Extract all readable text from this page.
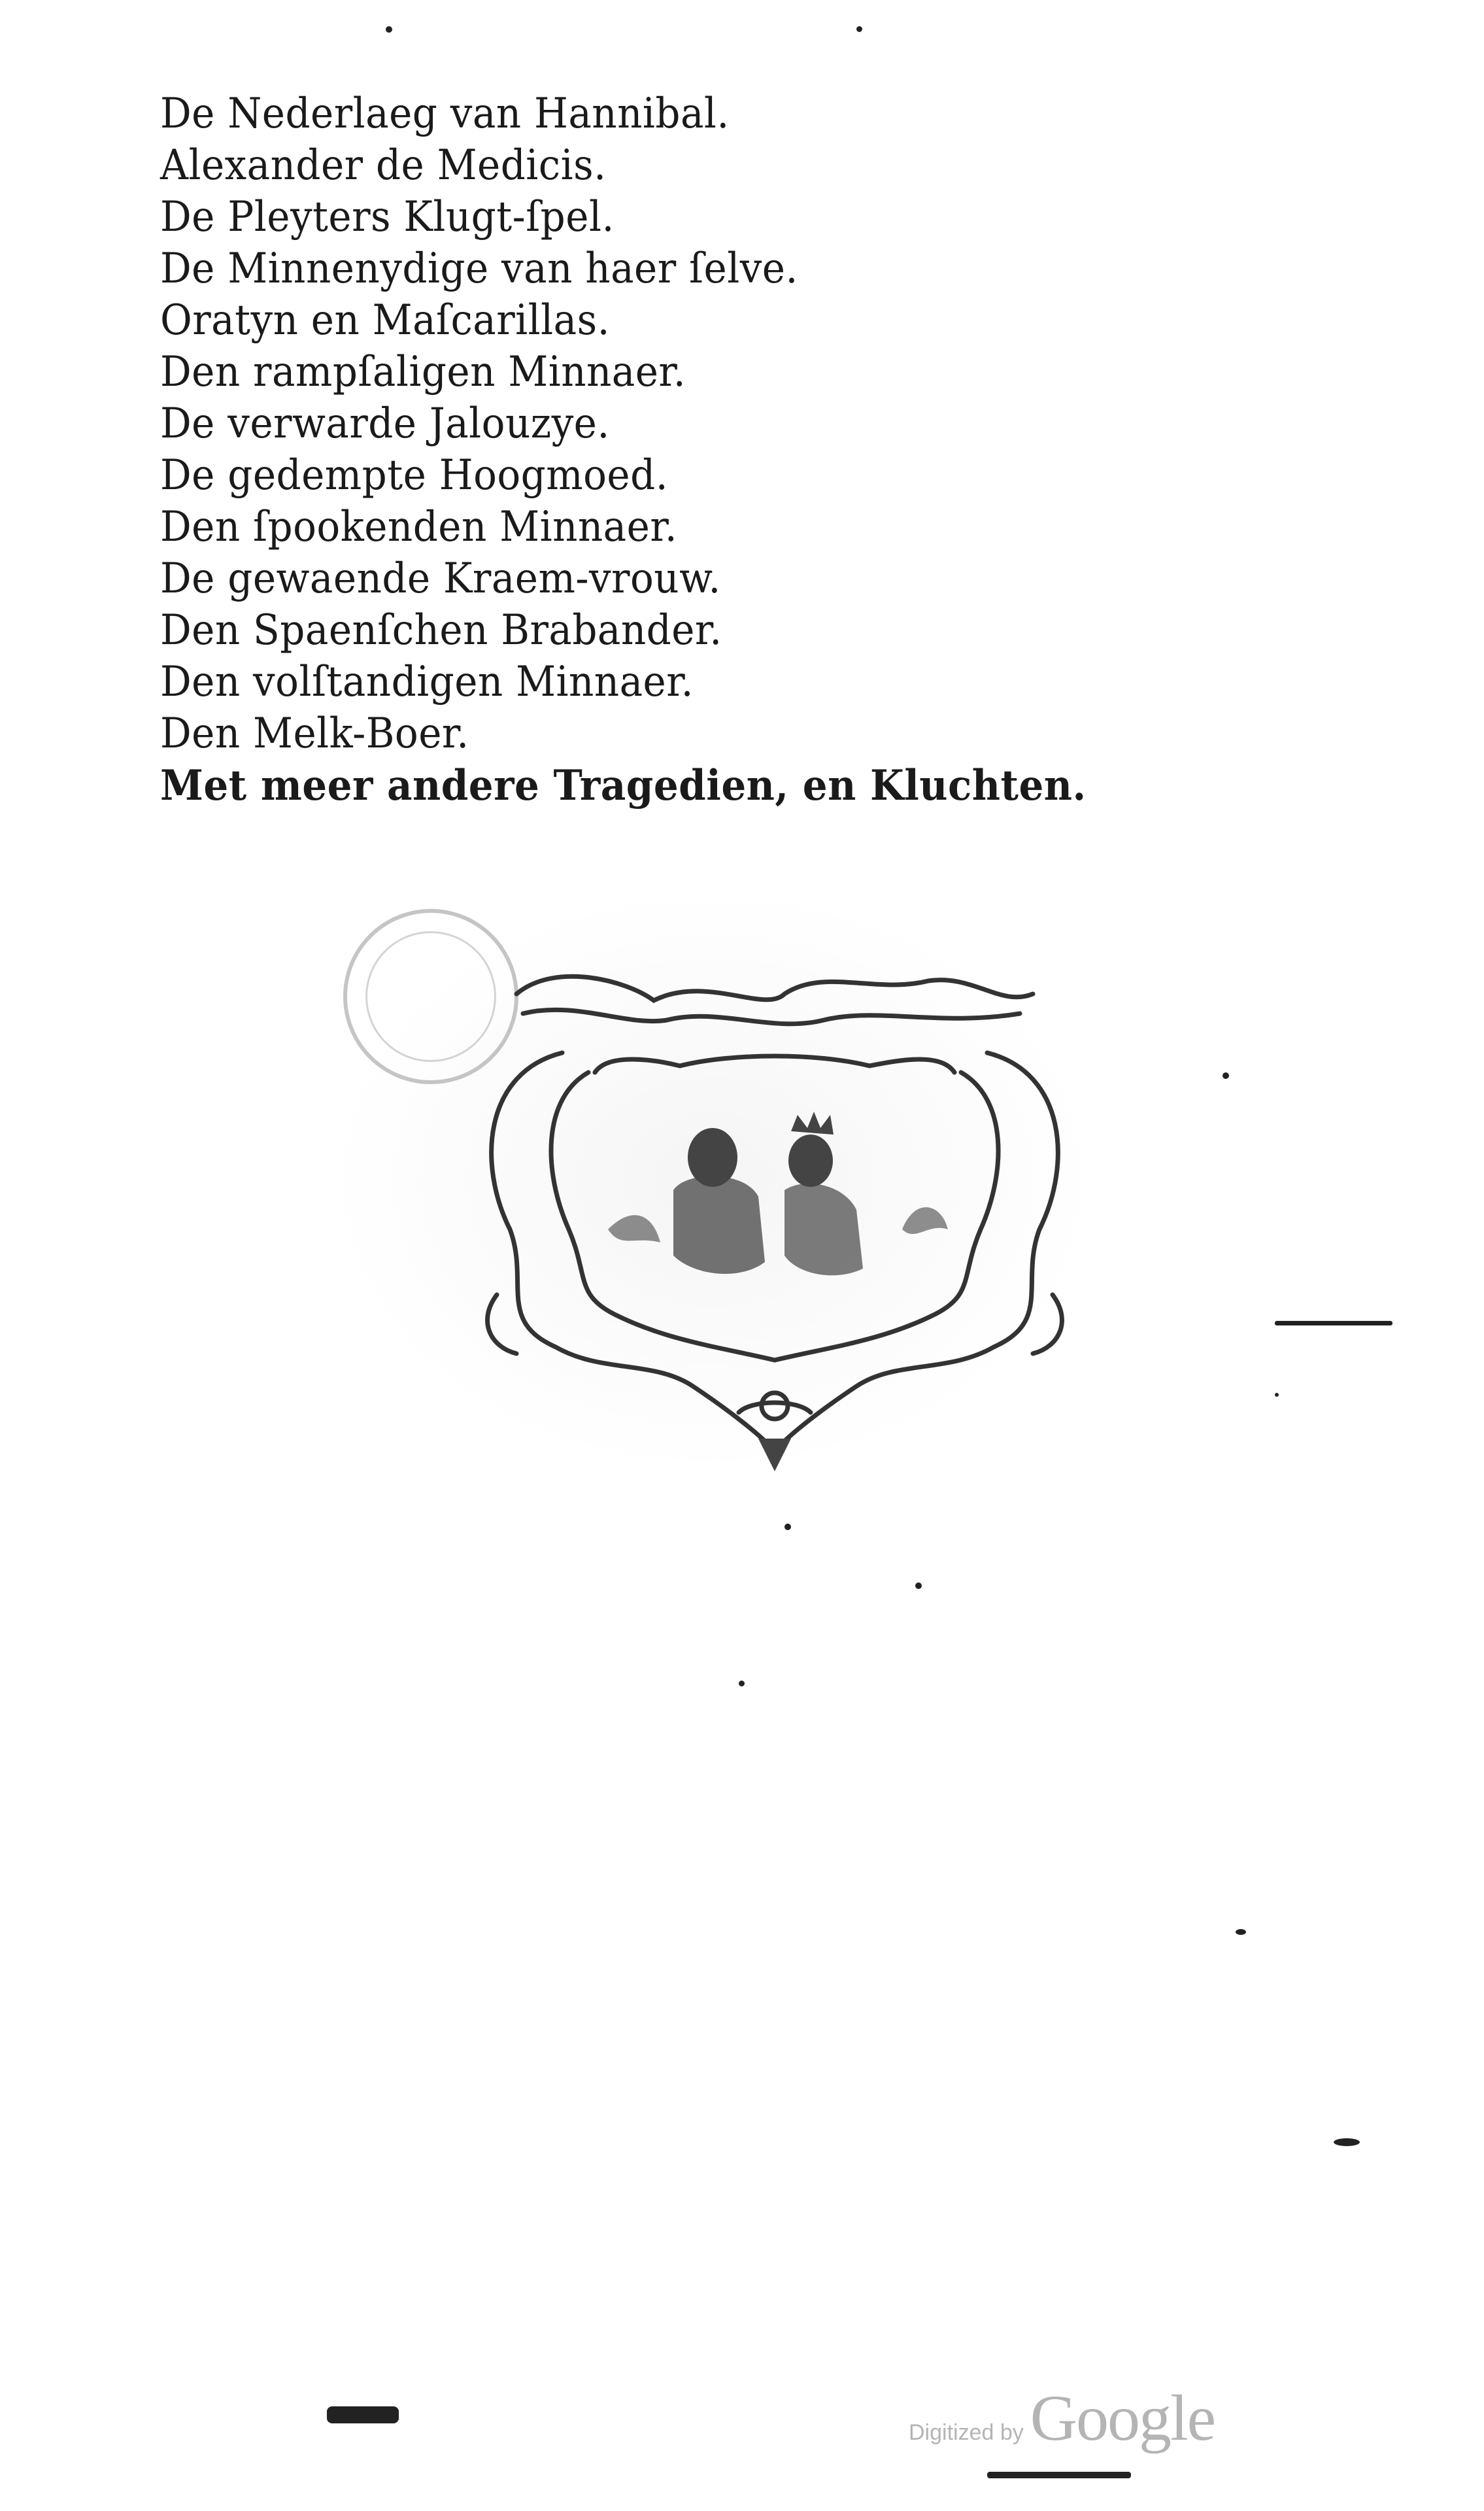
De Nederlaeg van Hannibal.
Alexander de Medicis.
De Pleyters Klugt-ſpel.
De Minnenydige van haer ſelve.
Oratyn en Maſcarillas.
Den rampſaligen Minnaer.
De verwarde Jalouzye.
De gedempte Hoogmoed.
Den ſpookenden Minnaer.
De gewaende Kraem-vrouw.
Den Spaenſchen Brabander.
Den volſtandigen Minnaer.
Den Melk-Boer.
Met meer andere Tragedien, en Kluchten.
Digitized by Google
